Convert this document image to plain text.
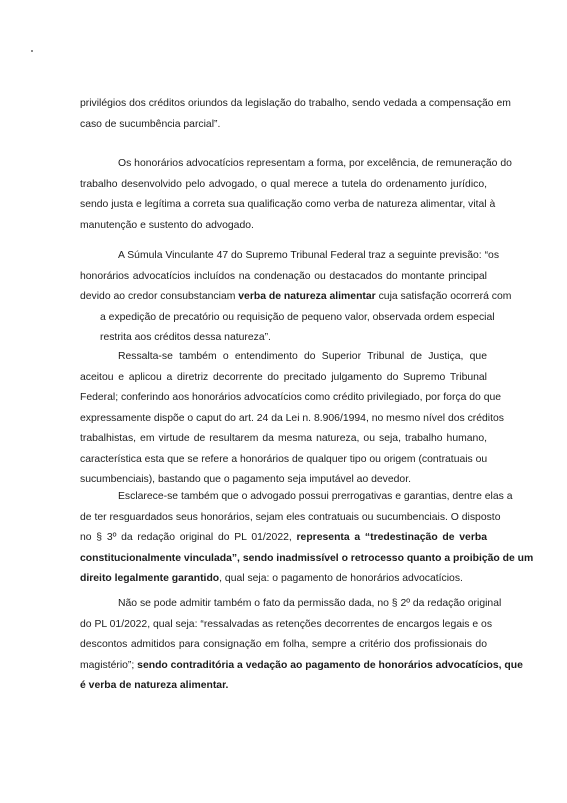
privilégios dos créditos oriundos da legislação do trabalho, sendo vedada a compensação em
caso de sucumbência parcial”.

Os honorários advocatícios representam a forma, por excelência, de remuneração do
trabalho desenvolvido pelo advogado, o qual merece a tutela do ordenamento jurídico,
sendo justa e legítima a correta sua qualificação como verba de natureza alimentar, vital à
manutenção e sustento do advogado.

A Súmula Vinculante 47 do Supremo Tribunal Federal traz a seguinte previsão: “os
honorários advocatícios incluídos na condenação ou destacados do montante principal
devido ao credor consubstanciam verba de natureza alimentar cuja satisfação ocorrerá com
a expedição de precatório ou requisição de pequeno valor, observada ordem especial
restrita aos créditos dessa natureza”.

Ressalta-se também o entendimento do Superior Tribunal de Justiça, que
aceitou e aplicou a diretriz decorrente do precitado julgamento do Supremo Tribunal
Federal; conferindo aos honorários advocatícios como crédito privilegiado, por força do que
expressamente dispõe o caput do art. 24 da Lei n. 8.906/1994, no mesmo nível dos créditos
trabalhistas, em virtude de resultarem da mesma natureza, ou seja, trabalho humano,
característica esta que se refere a honorários de qualquer tipo ou origem (contratuais ou
sucumbenciais), bastando que o pagamento seja imputável ao devedor.

Esclarece-se também que o advogado possui prerrogativas e garantias, dentre elas a
de ter resguardados seus honorários, sejam eles contratuais ou sucumbenciais. O disposto
no § 3º da redação original do PL 01/2022, representa a “tredestinação de verba
constitucionalmente vinculada”, sendo inadmissível o retrocesso quanto a proibição de um
direito legalmente garantido, qual seja: o pagamento de honorários advocatícios.

Não se pode admitir também o fato da permissão dada, no § 2º da redação original
do PL 01/2022, qual seja: “ressalvadas as retenções decorrentes de encargos legais e os
descontos admitidos para consignação em folha, sempre a critério dos profissionais do
magistério”; sendo contraditória a vedação ao pagamento de honorários advocatícios, que
é verba de natureza alimentar.
